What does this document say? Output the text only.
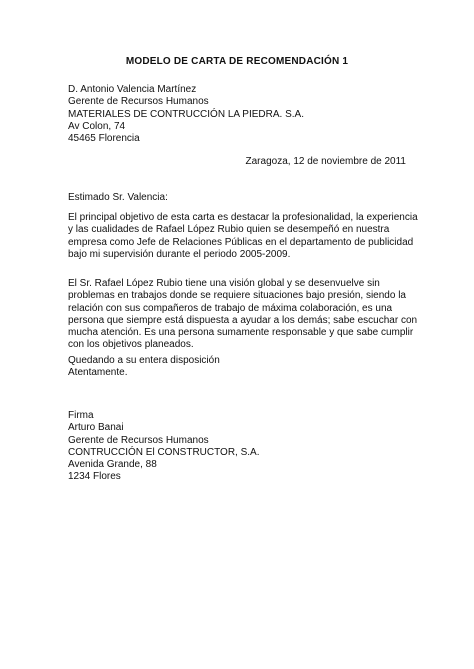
MODELO DE CARTA DE RECOMENDACIÓN 1
D. Antonio Valencia Martínez
Gerente de Recursos Humanos
MATERIALES DE CONTRUCCIÓN LA PIEDRA. S.A.
Av Colon, 74
45465 Florencia
Zaragoza, 12 de noviembre de 2011
Estimado Sr. Valencia:
El principal objetivo de esta carta es destacar la profesionalidad, la experiencia
y las cualidades de Rafael López Rubio quien se desempeñó en nuestra
empresa como Jefe de Relaciones Públicas en el departamento de publicidad
bajo mi supervisión durante el periodo 2005-2009.
El Sr. Rafael López Rubio tiene una visión global y se desenvuelve sin
problemas en trabajos donde se requiere situaciones bajo presión, siendo la
relación con sus compañeros de trabajo de máxima colaboración, es una
persona que siempre está dispuesta a ayudar a los demás; sabe escuchar con
mucha atención. Es una persona sumamente responsable y que sabe cumplir
con los objetivos planeados.
Quedando a su entera disposición
Atentamente.
Firma
Arturo Banai
Gerente de Recursos Humanos
CONTRUCCIÓN El CONSTRUCTOR, S.A.
Avenida Grande, 88
1234 Flores
